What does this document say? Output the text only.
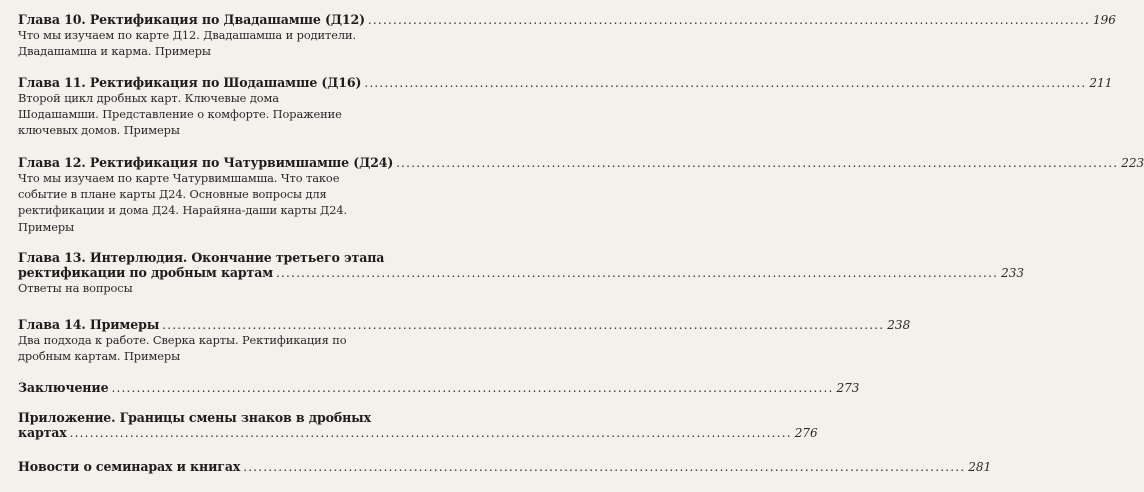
Глава 10. Ректификация по Двадашамше (Д12) .....	196
Что мы изучаем по карте Д12. Двадашамша и родители.
Двадашамша и карма. Примеры
Глава 11. Ректификация по Шодашамше (Д16) .....	211
Второй цикл дробных карт. Ключевые дома
Шодашамши. Представление о комфорте. Поражение
ключевых домов. Примеры
Глава 12. Ректификация по Чатурвимшамше (Д24) .....	223
Что мы изучаем по карте Чатурвимшамша. Что такое
событие в плане карты Д24. Основные вопросы для
ректификации и дома Д24. Нарайяна-даши карты Д24.
Примеры
Глава 13. Интерлюдия. Окончание третьего этапа
ректификации по дробным картам .....	233
Ответы на вопросы
Глава 14. Примеры .....	238
Два подхода к работе. Сверка карты. Ректификация по
дробным картам. Примеры
Заключение .....	273
Приложение. Границы смены знаков в дробных
картах .....	276
Новости о семинарах и книгах .....	281
